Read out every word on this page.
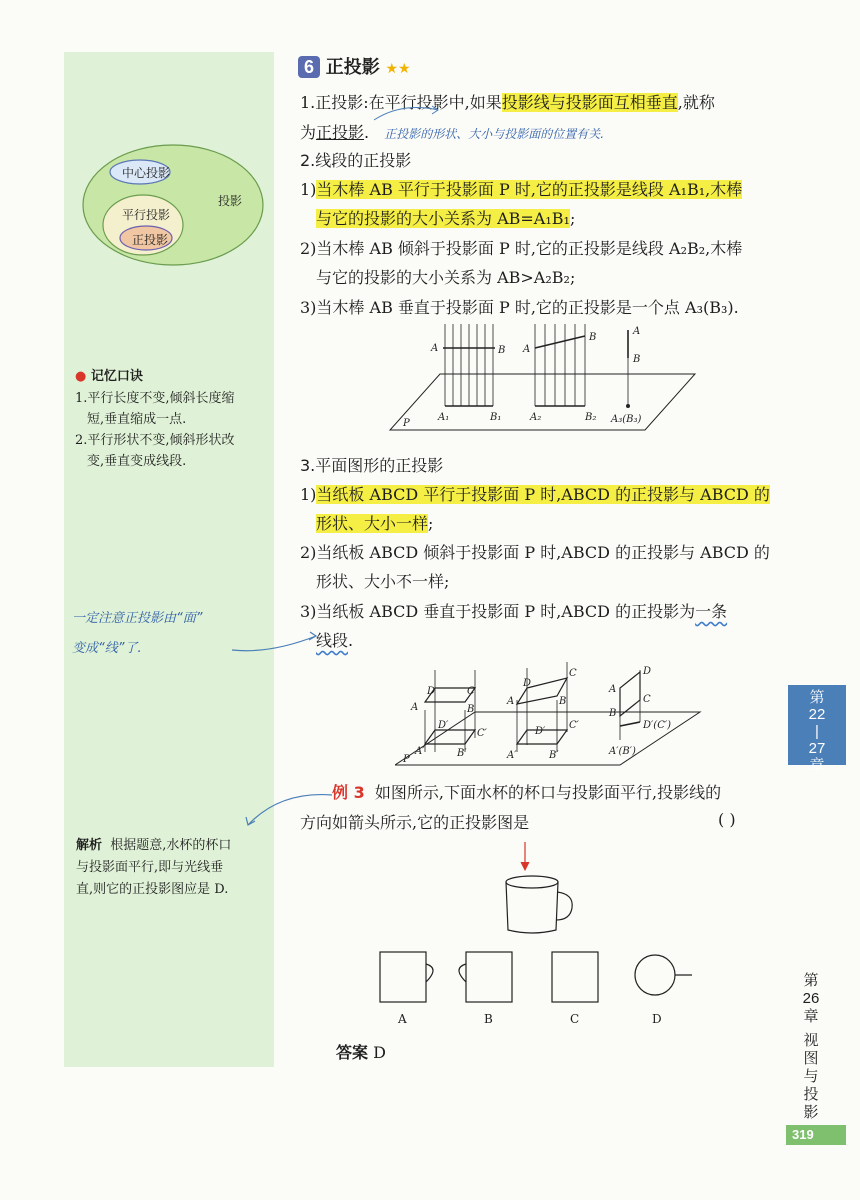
中心投影
平行投影
正投影
投影
● 记忆口诀
1.平行长度不变,倾斜长度缩
短,垂直缩成一点.
2.平行形状不变,倾斜形状改
变,垂直变成线段.
一定注意正投影由“面”
变成“线”了.
解析 根据题意,水杯的杯口
与投影面平行,即与光线垂
直,则它的正投影图应是 D.
6 正投影 ★★
1.正投影:在平行投影中,如果投影线与投影面互相垂直,就称
为正投影. 正投影的形状、大小与投影面的位置有关.
2.线段的正投影
1)当木棒 AB 平行于投影面 P 时,它的正投影是线段 A₁B₁,木棒
与它的投影的大小关系为 AB=A₁B₁;
2)当木棒 AB 倾斜于投影面 P 时,它的正投影是线段 A₂B₂,木棒
与它的投影的大小关系为 AB>A₂B₂;
3)当木棒 AB 垂直于投影面 P 时,它的正投影是一个点 A₃(B₃).
A	B
P
A₁	B₁
A
B
A₂	B₂
A
B
A₃(B₃)
3.平面图形的正投影
1)当纸板 ABCD 平行于投影面 P 时,ABCD 的正投影与 ABCD 的
形状、大小一样;
2)当纸板 ABCD 倾斜于投影面 P 时,ABCD 的正投影与 ABCD 的
形状、大小不一样;
3)当纸板 ABCD 垂直于投影面 P 时,ABCD 的正投影为一条
线段.
D	C
A	B
D′
C′
A′	B′
P
D
C
A	B
D′
C′
A′	B′
D
C
A
B
D′(C′)
A′(B′)
例 3 如图所示,下面水杯的杯口与投影面平行,投影线的
方向如箭头所示,它的正投影图是	( )
A	B	C	D
答案 D
第
22
|
27
章
第
26
章
视
图
与
投
影
319
